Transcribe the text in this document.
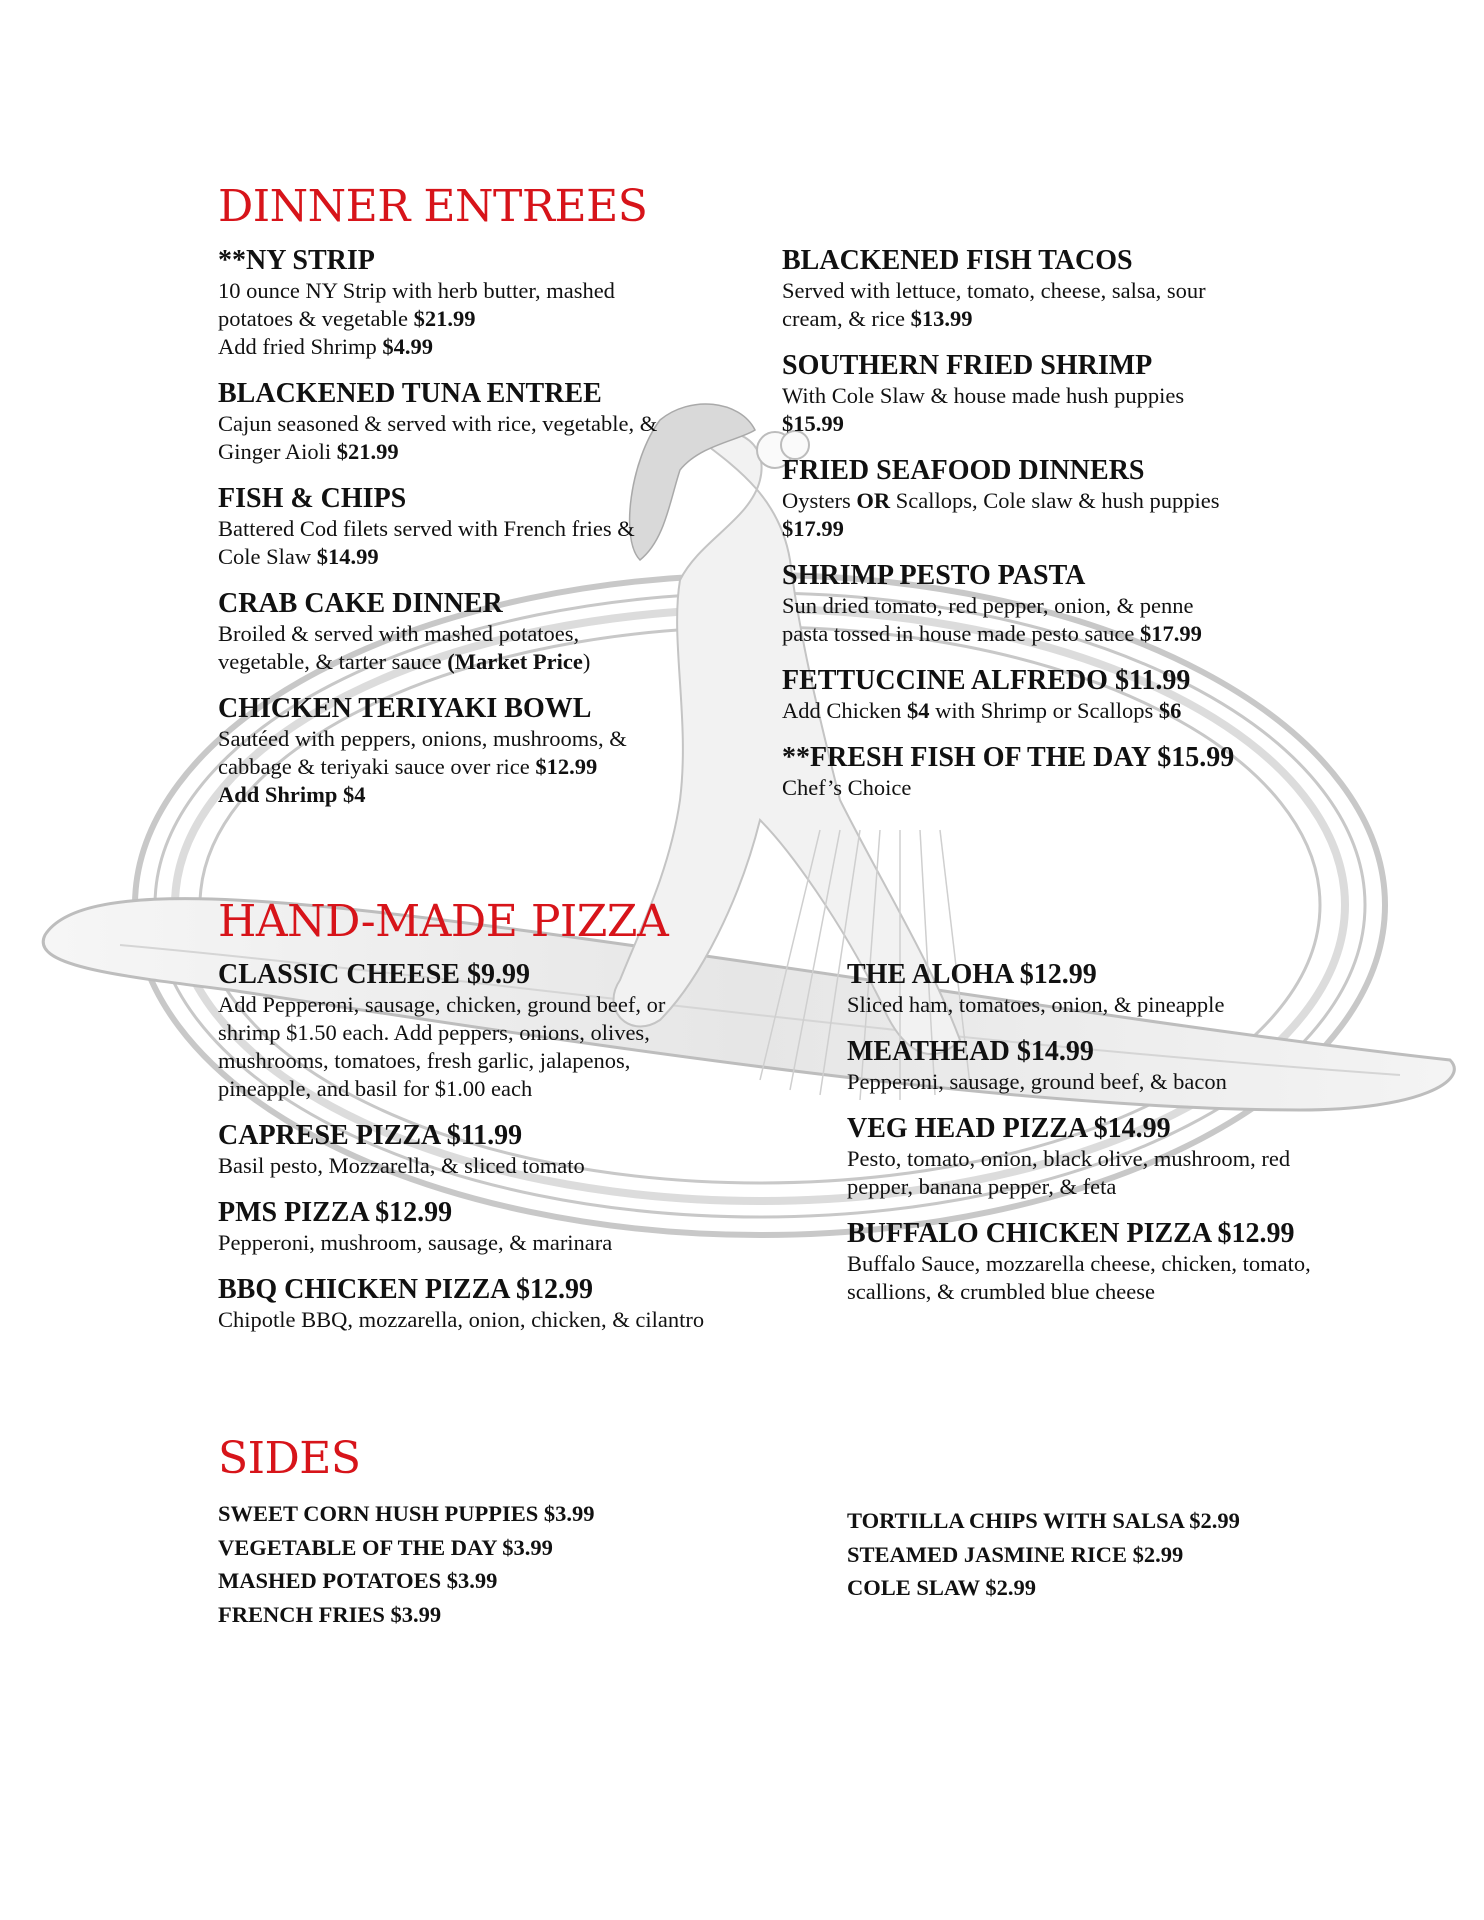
DINNER ENTREES
**NY STRIP
10 ounce NY Strip with herb butter, mashed
potatoes & vegetable $21.99
Add fried Shrimp $4.99
BLACKENED TUNA ENTREE
Cajun seasoned & served with rice, vegetable, &
Ginger Aioli $21.99
FISH & CHIPS
Battered Cod filets served with French fries &
Cole Slaw $14.99
CRAB CAKE DINNER
Broiled & served with mashed potatoes,
vegetable, & tarter sauce (Market Price)
CHICKEN TERIYAKI BOWL
Sautéed with peppers, onions, mushrooms, &
cabbage & teriyaki sauce over rice $12.99
Add Shrimp $4
BLACKENED FISH TACOS
Served with lettuce, tomato, cheese, salsa, sour
cream, & rice $13.99
SOUTHERN FRIED SHRIMP
With Cole Slaw & house made hush puppies
$15.99
FRIED SEAFOOD DINNERS
Oysters OR Scallops, Cole slaw & hush puppies
$17.99
SHRIMP PESTO PASTA
Sun dried tomato, red pepper, onion, & penne
pasta tossed in house made pesto sauce $17.99
FETTUCCINE ALFREDO $11.99
Add Chicken $4 with Shrimp or Scallops $6
**FRESH FISH OF THE DAY $15.99
Chef’s Choice
HAND-MADE PIZZA
CLASSIC CHEESE $9.99
Add Pepperoni, sausage, chicken, ground beef, or
shrimp $1.50 each. Add peppers, onions, olives,
mushrooms, tomatoes, fresh garlic, jalapenos,
pineapple, and basil for $1.00 each
CAPRESE PIZZA $11.99
Basil pesto, Mozzarella, & sliced tomato
PMS PIZZA $12.99
Pepperoni, mushroom, sausage, & marinara
BBQ CHICKEN PIZZA $12.99
Chipotle BBQ, mozzarella, onion, chicken, & cilantro
THE ALOHA $12.99
Sliced ham, tomatoes, onion, & pineapple
MEATHEAD $14.99
Pepperoni, sausage, ground beef, & bacon
VEG HEAD PIZZA $14.99
Pesto, tomato, onion, black olive, mushroom, red
pepper, banana pepper, & feta
BUFFALO CHICKEN PIZZA $12.99
Buffalo Sauce, mozzarella cheese, chicken, tomato,
scallions, & crumbled blue cheese
SIDES
SWEET CORN HUSH PUPPIES $3.99
VEGETABLE OF THE DAY $3.99
MASHED POTATOES $3.99
FRENCH FRIES $3.99
TORTILLA CHIPS WITH SALSA $2.99
STEAMED JASMINE RICE $2.99
COLE SLAW $2.99
